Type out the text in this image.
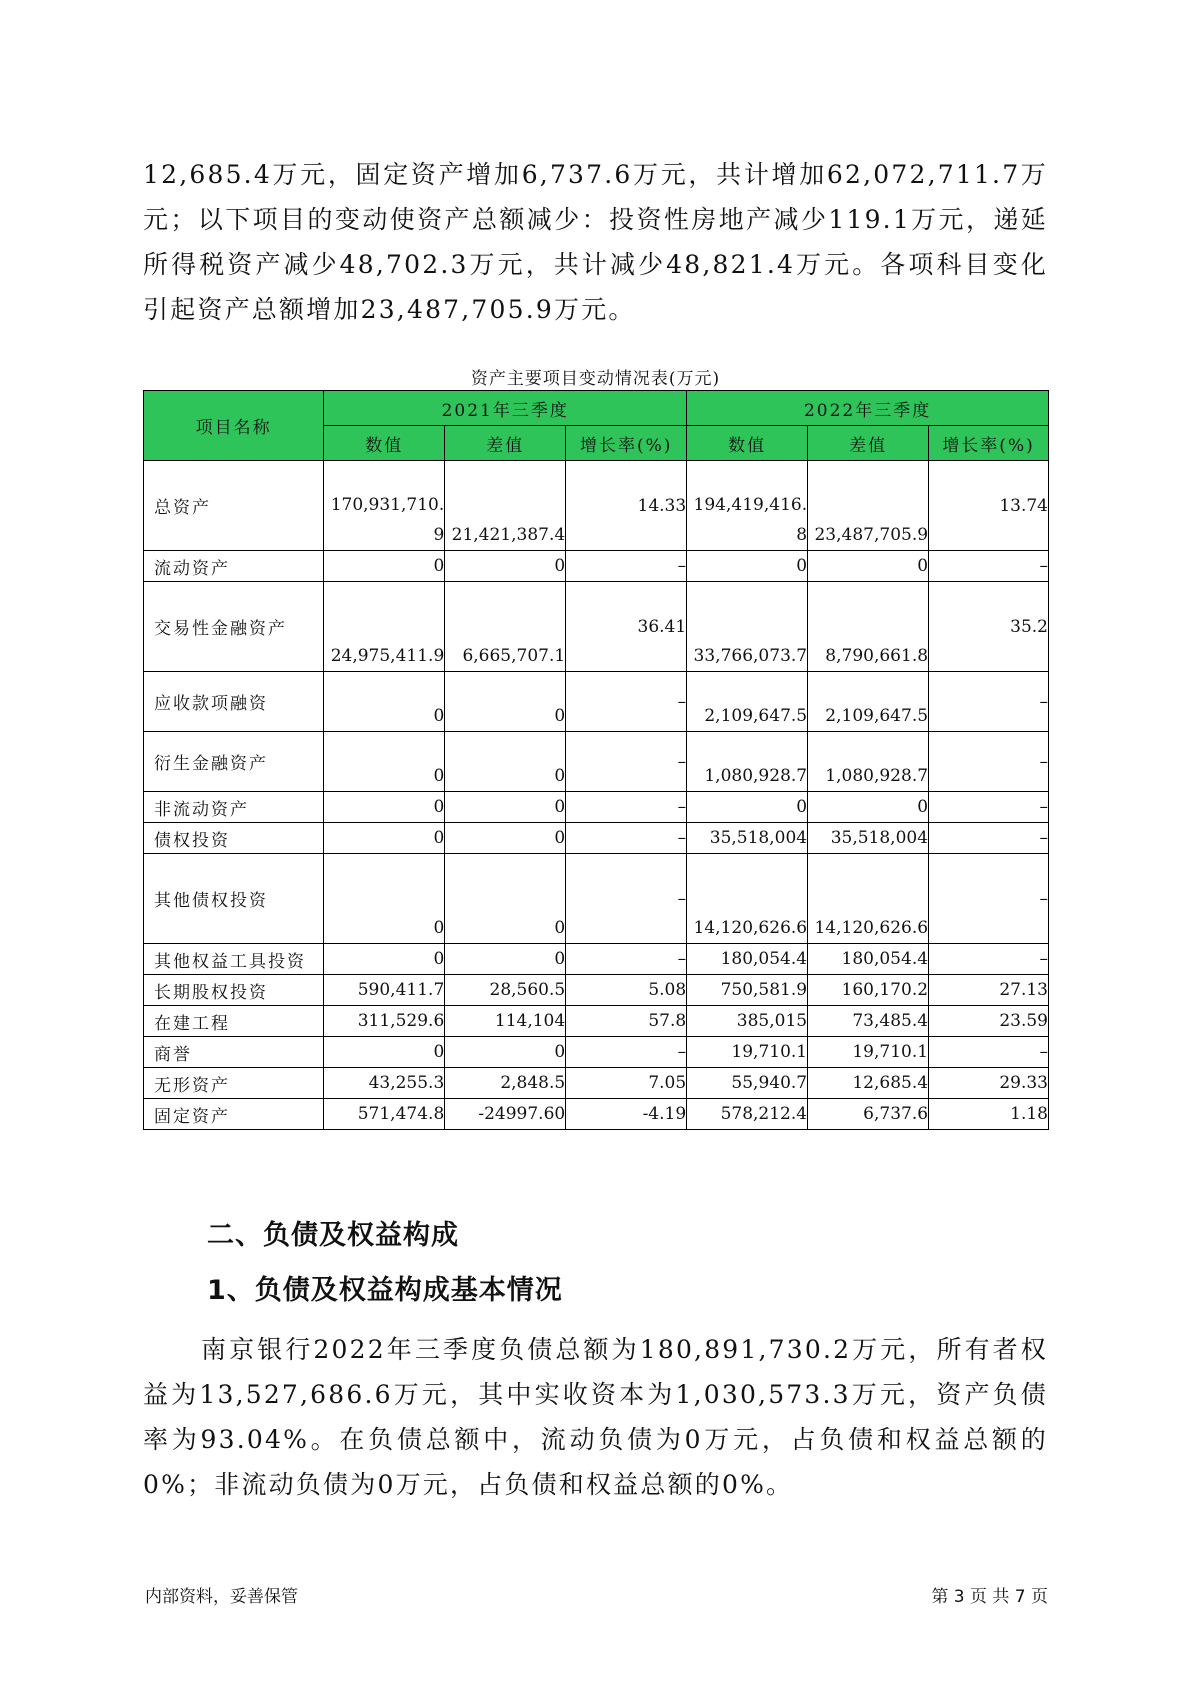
12,685.4万元，固定资产增加6,737.6万元，共计增加62,072,711.7万元；以下项目的变动使资产总额减少：投资性房地产减少119.1万元，递延所得税资产减少48,702.3万元，共计减少48,821.4万元。各项科目变化引起资产总额增加23,487,705.9万元。

资产主要项目变动情况表(万元)
项目名称	2021年三季度			2022年三季度		
	数值	差值	增长率(%)	数值	差值	增长率(%)
总资产	170,931,710.9	21,421,387.4	14.33	194,419,416.8	23,487,705.9	13.74
流动资产	0	0	–	0	0	–
交易性金融资产	24,975,411.9	6,665,707.1	36.41	33,766,073.7	8,790,661.8	35.2
应收款项融资	0	0	–	2,109,647.5	2,109,647.5	–
衍生金融资产	0	0	–	1,080,928.7	1,080,928.7	–
非流动资产	0	0	–	0	0	–
债权投资	0	0	–	35,518,004	35,518,004	–
其他债权投资	0	0	–	14,120,626.6	14,120,626.6	–
其他权益工具投资	0	0	–	180,054.4	180,054.4	–
长期股权投资	590,411.7	28,560.5	5.08	750,581.9	160,170.2	27.13
在建工程	311,529.6	114,104	57.8	385,015	73,485.4	23.59
商誉	0	0	–	19,710.1	19,710.1	–
无形资产	43,255.3	2,848.5	7.05	55,940.7	12,685.4	29.33
固定资产	571,474.8	-24997.60	-4.19	578,212.4	6,737.6	1.18
二、负债及权益构成
1、负债及权益构成基本情况

南京银行2022年三季度负债总额为180,891,730.2万元，所有者权益为13,527,686.6万元，其中实收资本为1,030,573.3万元，资产负债率为93.04%。在负债总额中，流动负债为0万元，占负债和权益总额的0%；非流动负债为0万元，占负债和权益总额的0%。

内部资料，妥善保管	第 3 页 共 7 页
